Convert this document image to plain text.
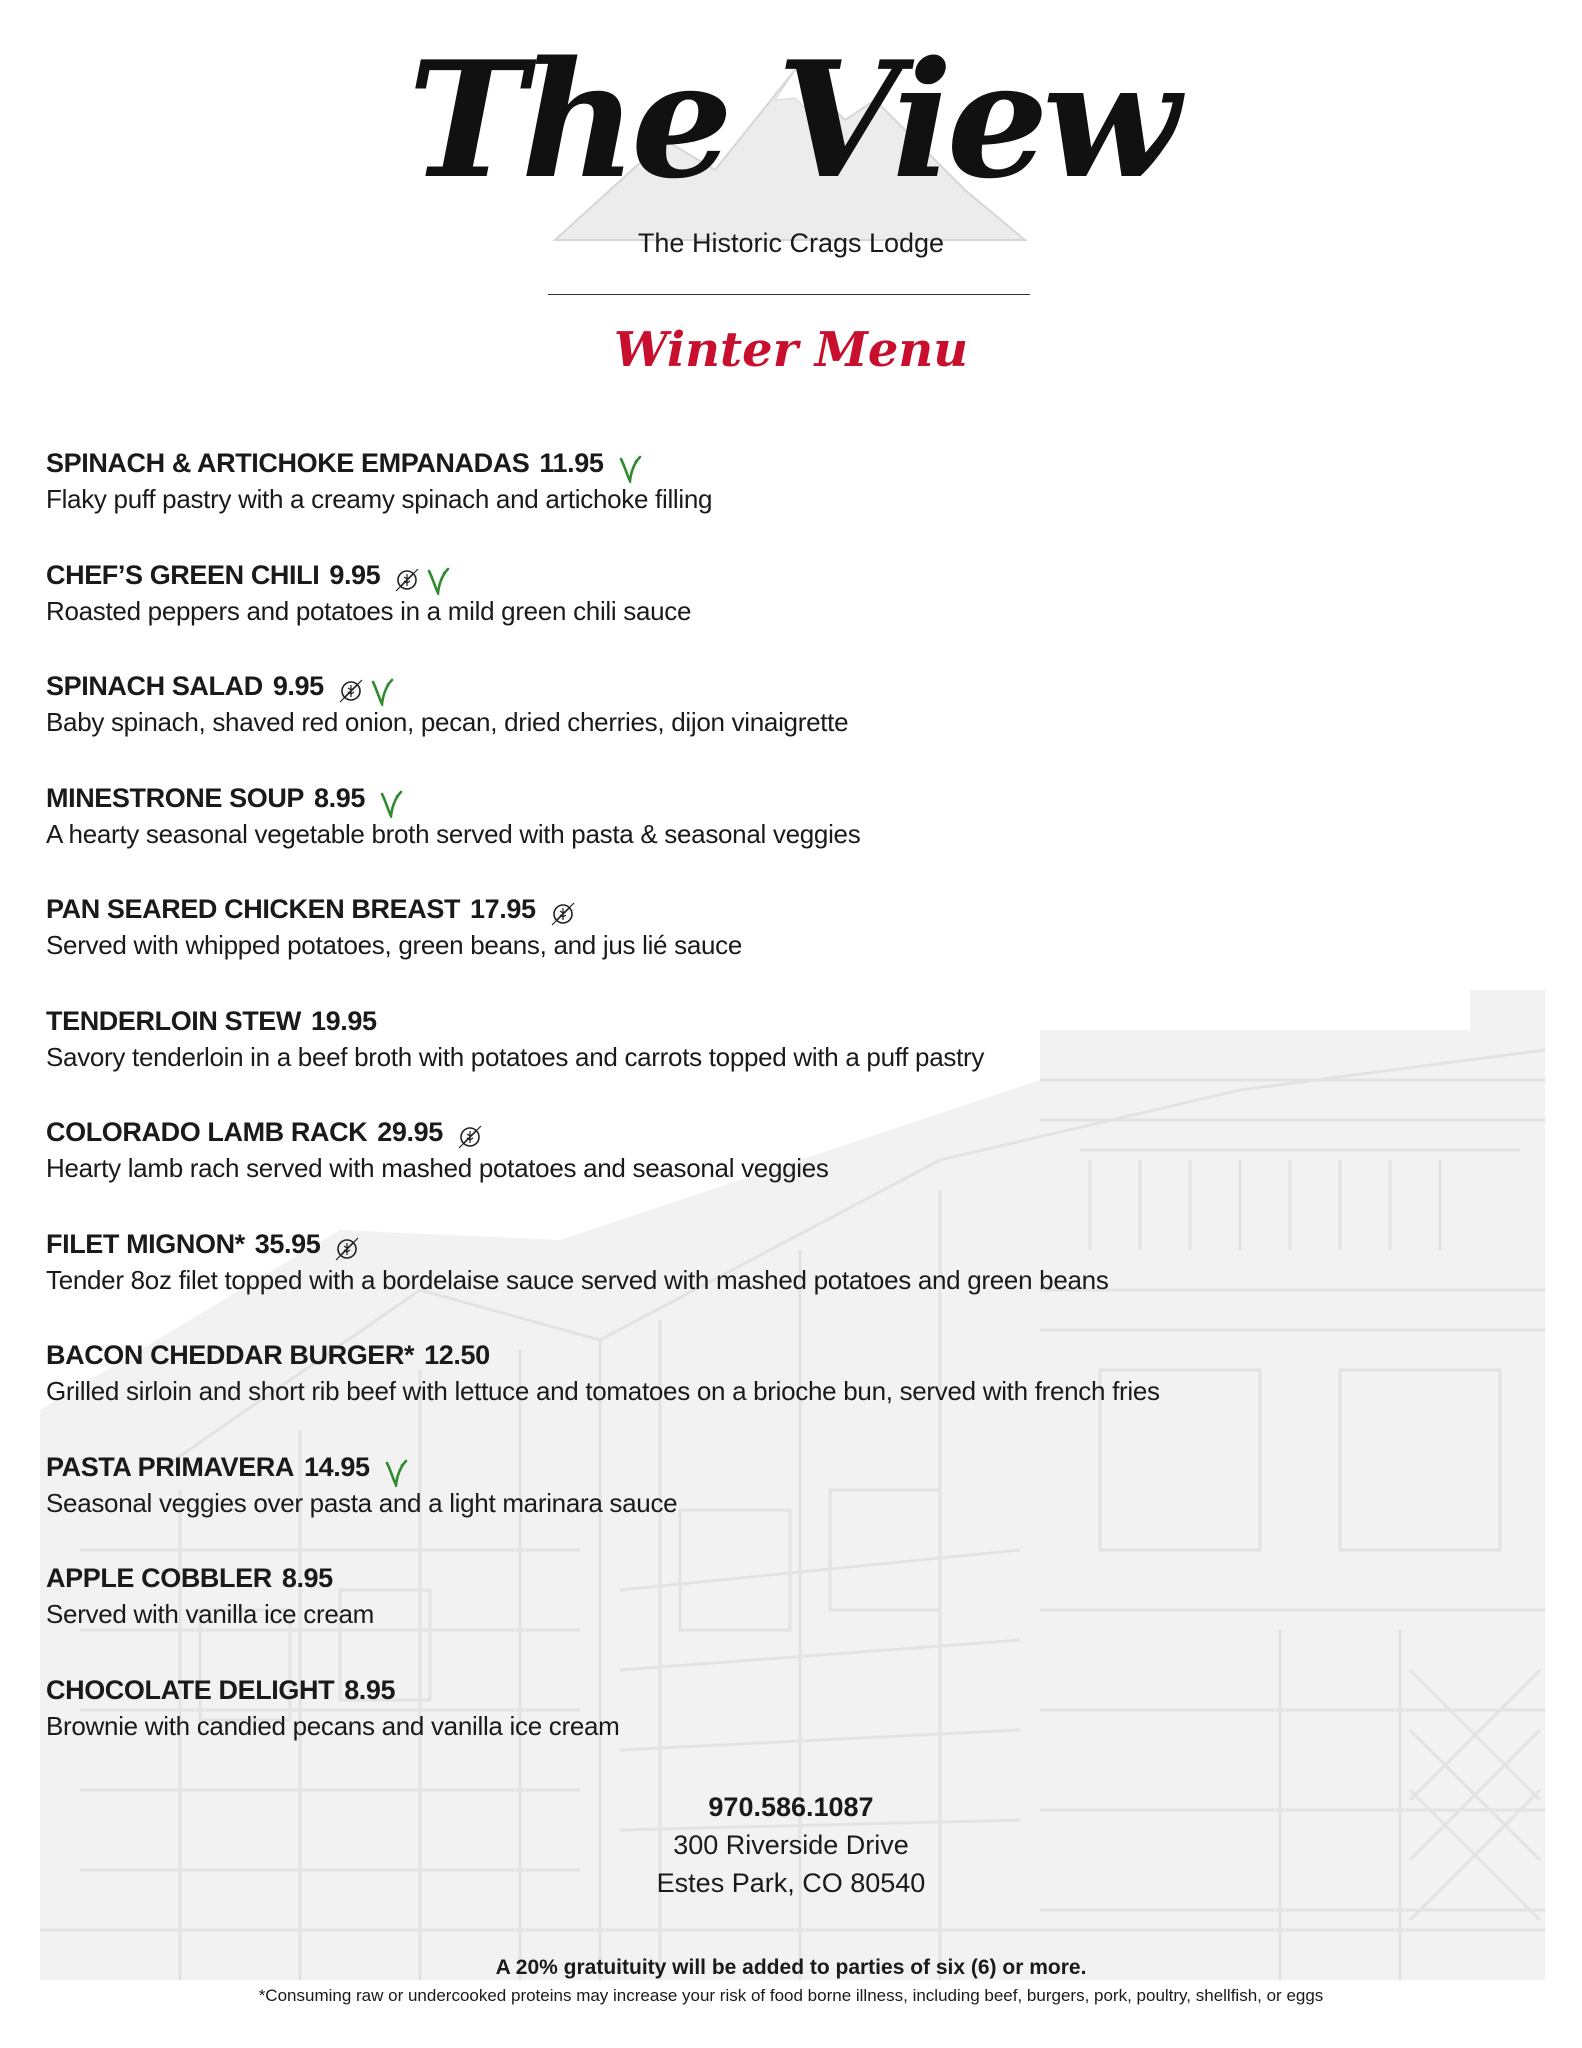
The View
The Historic Crags Lodge
Winter Menu
SPINACH & ARTICHOKE EMPANADAS 11.95
Flaky puff pastry with a creamy spinach and artichoke filling
CHEF’S GREEN CHILI 9.95
Roasted peppers and potatoes in a mild green chili sauce
SPINACH SALAD 9.95
Baby spinach, shaved red onion, pecan, dried cherries, dijon vinaigrette
MINESTRONE SOUP 8.95
A hearty seasonal vegetable broth served with pasta & seasonal veggies
PAN SEARED CHICKEN BREAST 17.95
Served with whipped potatoes, green beans, and jus lié sauce
TENDERLOIN STEW 19.95
Savory tenderloin in a beef broth with potatoes and carrots topped with a puff pastry
COLORADO LAMB RACK 29.95
Hearty lamb rach served with mashed potatoes and seasonal veggies
FILET MIGNON* 35.95
Tender 8oz filet topped with a bordelaise sauce served with mashed potatoes and green beans
BACON CHEDDAR BURGER* 12.50
Grilled sirloin and short rib beef with lettuce and tomatoes on a brioche bun, served with french fries
PASTA PRIMAVERA 14.95
Seasonal veggies over pasta and a light marinara sauce
APPLE COBBLER 8.95
Served with vanilla ice cream
CHOCOLATE DELIGHT 8.95
Brownie with candied pecans and vanilla ice cream
970.586.1087
300 Riverside Drive
Estes Park, CO 80540
A 20% gratuituity will be added to parties of six (6) or more.
*Consuming raw or undercooked proteins may increase your risk of food borne illness, including beef, burgers, pork, poultry, shellfish, or eggs
